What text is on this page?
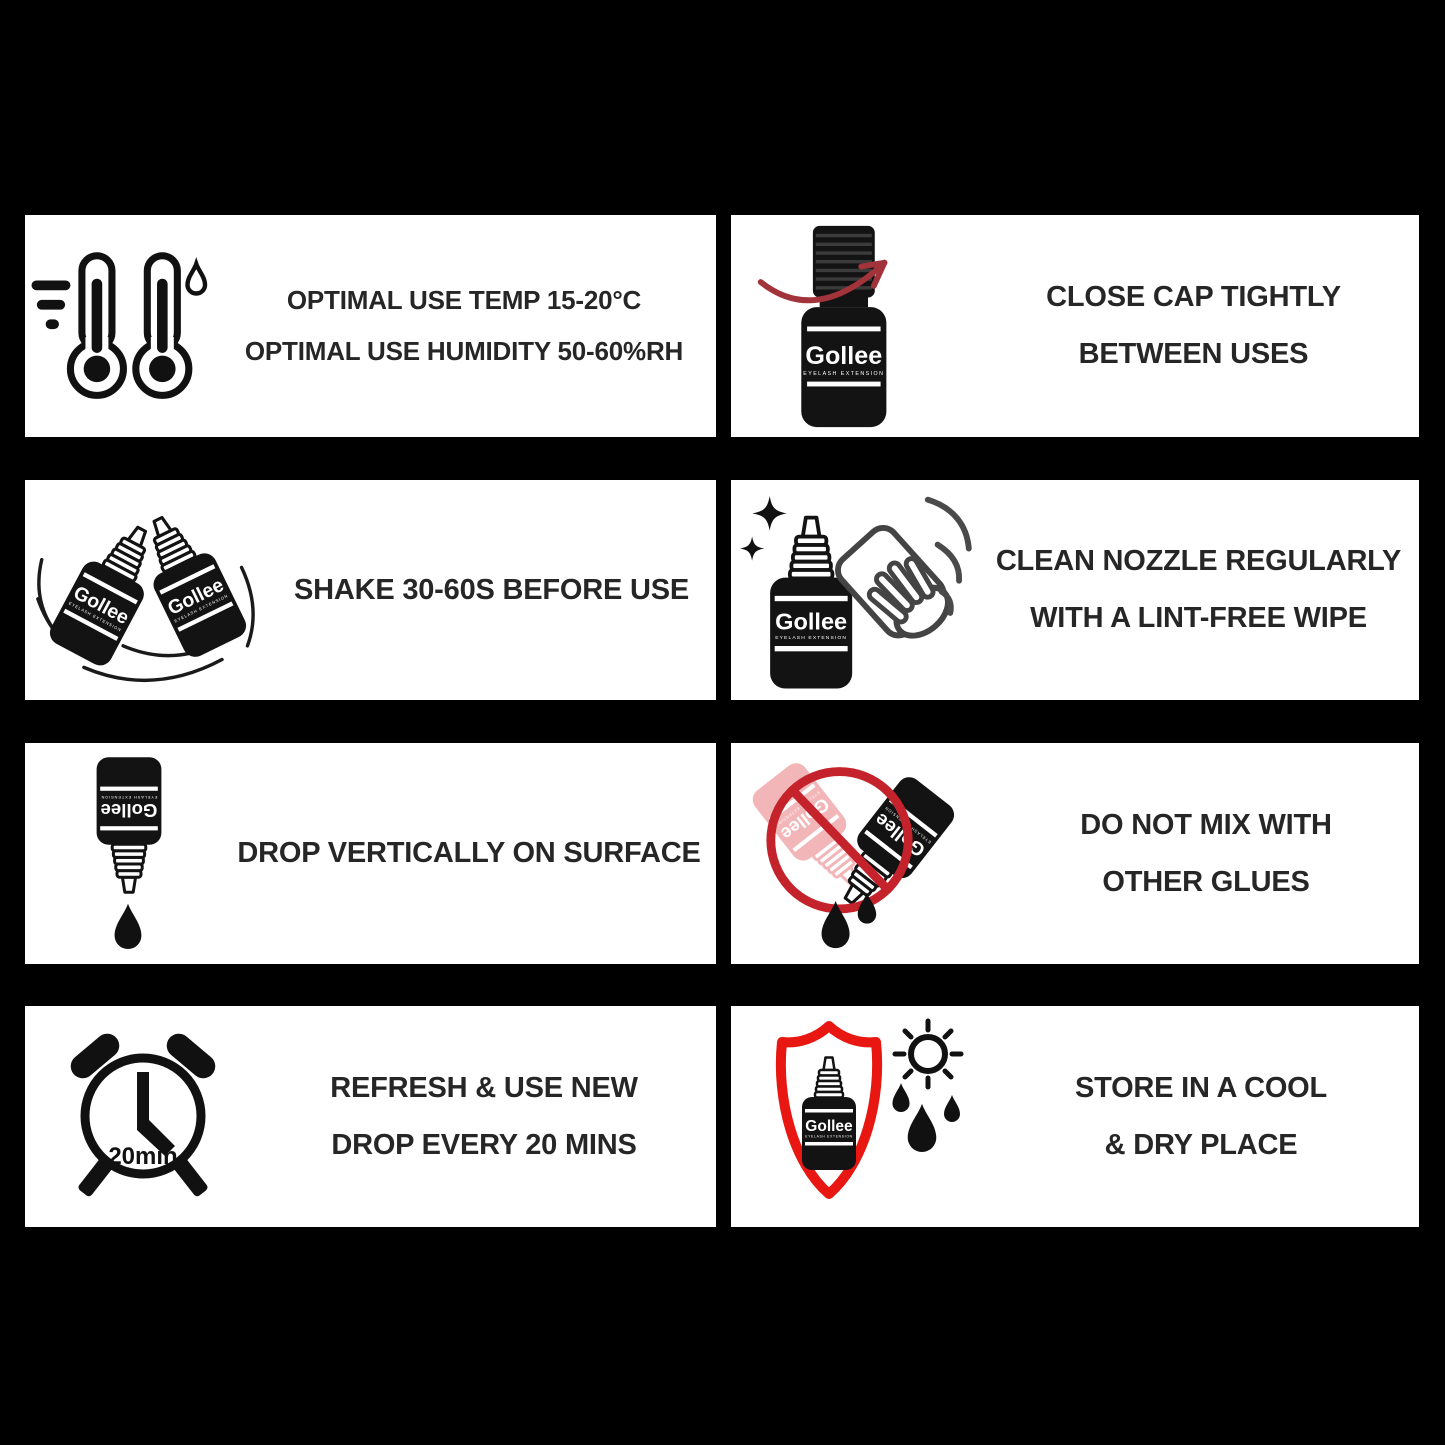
OPTIMAL USE TEMP 15-20°C
OPTIMAL USE HUMIDITY 50-60%RH
CLOSE CAP TIGHTLY
BETWEEN USES
SHAKE 30-60S BEFORE USE
CLEAN NOZZLE REGULARLY
WITH A LINT-FREE WIPE
DROP VERTICALLY ON SURFACE
DO NOT MIX WITH
OTHER GLUES
20min
REFRESH & USE NEW
DROP EVERY 20 MINS
STORE IN A COOL
& DRY PLACE
